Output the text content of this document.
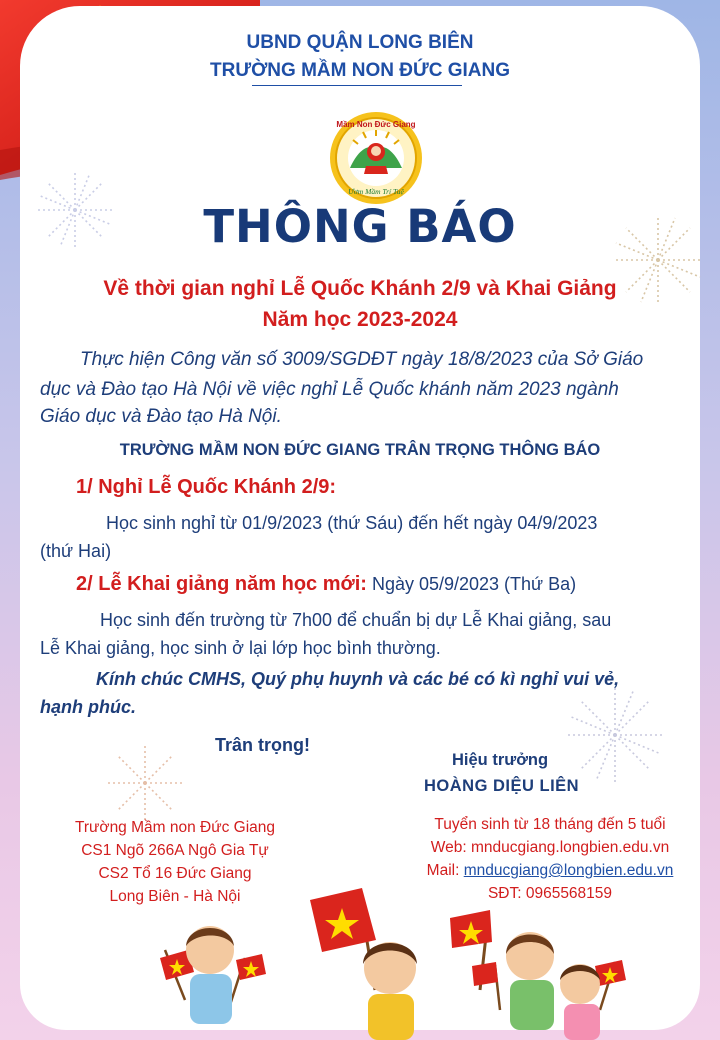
UBND QUẬN LONG BIÊN
TRƯỜNG MẦM NON ĐỨC GIANG
Mầm Non Đức Giang
Ươm Mầm Trí Tuệ
THÔNG BÁO
Về thời gian nghỉ Lễ Quốc Khánh 2/9 và Khai Giảng
Năm học 2023-2024
Thực hiện Công văn số 3009/SGDĐT ngày 18/8/2023 của Sở Giáo
dục và Đào tạo Hà Nội về việc nghỉ Lễ Quốc khánh năm 2023 ngành
Giáo dục và Đào tạo Hà Nội.
TRƯỜNG MẦM NON ĐỨC GIANG TRÂN TRỌNG THÔNG BÁO
1/ Nghỉ Lễ Quốc Khánh 2/9:
Học sinh nghỉ từ 01/9/2023 (thứ Sáu) đến hết ngày 04/9/2023
(thứ Hai)
2/ Lễ Khai giảng năm học mới: Ngày 05/9/2023 (Thứ Ba)
Học sinh đến trường từ 7h00 để chuẩn bị dự Lễ Khai giảng, sau
Lễ Khai giảng, học sinh ở lại lớp học bình thường.
Kính chúc CMHS, Quý phụ huynh và các bé có kì nghỉ vui vẻ,
hạnh phúc.
Trân trọng!
Hiệu trưởng
HOÀNG DIỆU LIÊN
Trường Mầm non Đức Giang
CS1 Ngõ 266A Ngô Gia Tự
CS2 Tổ 16 Đức Giang
Long Biên - Hà Nội
Tuyển sinh từ 18 tháng đến 5 tuổi
Web: mnducgiang.longbien.edu.vn
Mail: mnducgiang@longbien.edu.vn
SĐT: 0965568159
